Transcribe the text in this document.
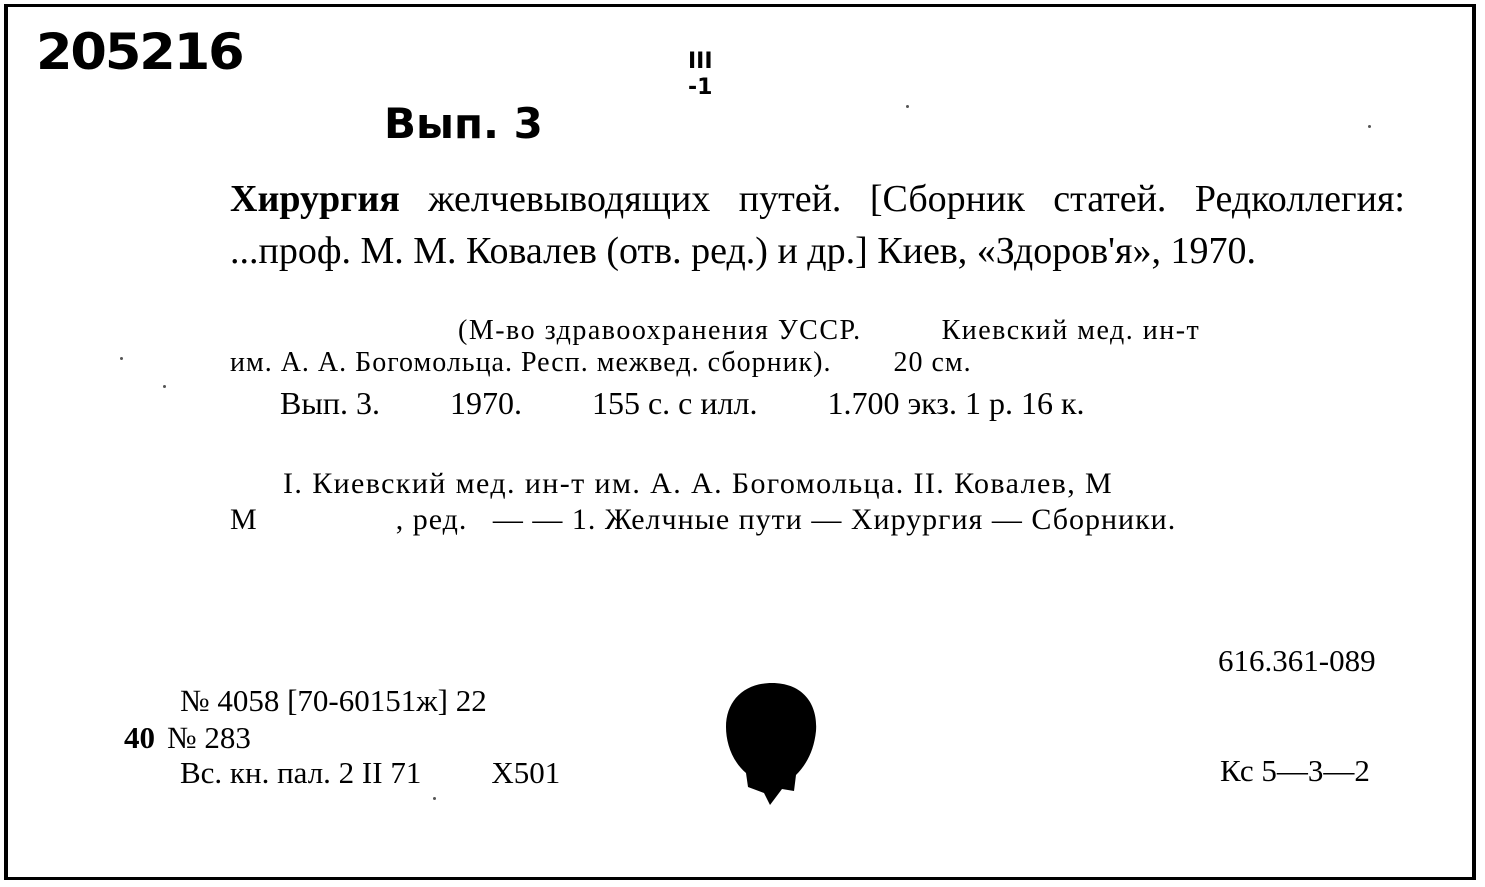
205216
Вып. 3
III
-1
Хирургия желчевыводящих путей. [Сборник статей. Редколлегия: ...проф. М. М. Ковалев (отв. ред.) и др.] Киев, «Здоров'я», 1970.
(М-во здравоохранения УССР.	Киевский мед. ин-т
им. А. А. Богомольца. Респ. межвед. сборник). 20 см.
Вып. 3. 1970. 155 с. с илл. 1.700 экз. 1 р. 16 к.
I. Киевский мед. ин-т им. А. А. Богомольца. II. Ковалев, М
М	, ред.   — — 1. Желчные пути — Хирургия — Сборники.
616.361-089
№ 4058 [70-60151ж] 22
40 № 283
Вс. кн. пал. 2 II 71 Х501	Кс 5—3—2
